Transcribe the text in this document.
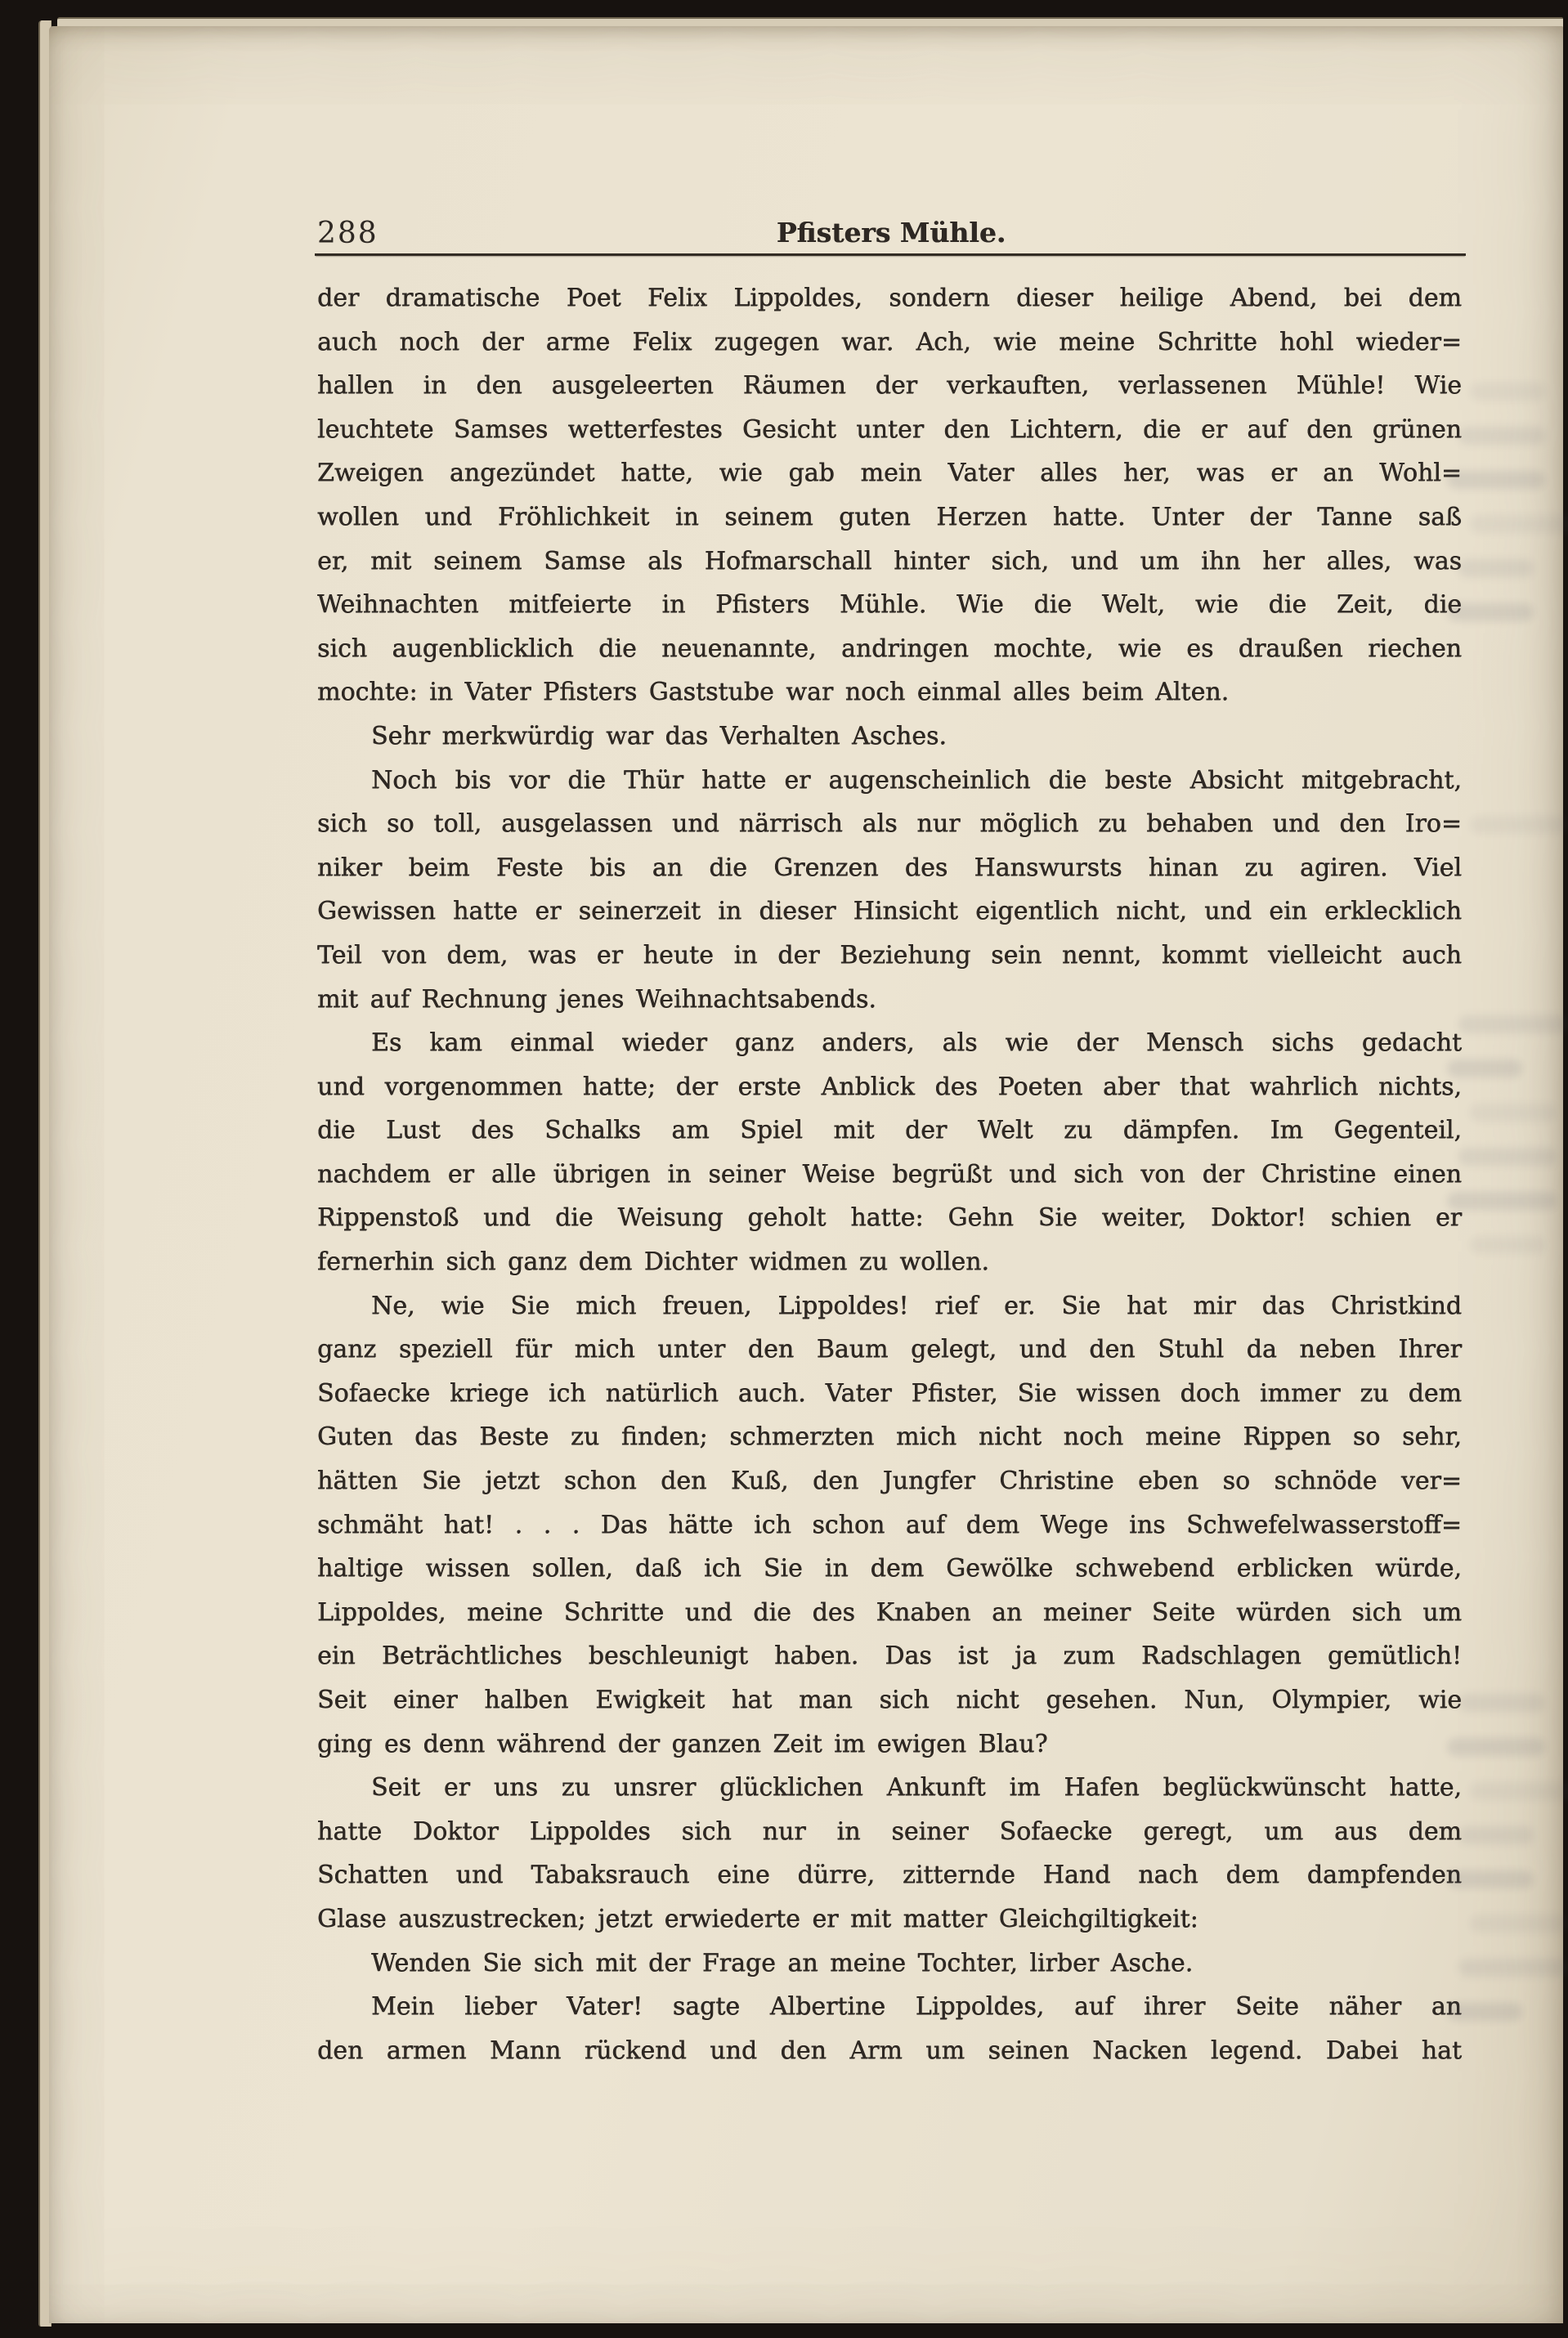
288	Pfisters Mühle.
der dramatische Poet Felix Lippoldes, sondern dieser heilige Abend, bei dem
auch noch der arme Felix zugegen war. Ach, wie meine Schritte hohl wieder=
hallen in den ausgeleerten Räumen der verkauften, verlassenen Mühle! Wie
leuchtete Samses wetterfestes Gesicht unter den Lichtern, die er auf den grünen
Zweigen angezündet hatte, wie gab mein Vater alles her, was er an Wohl=
wollen und Fröhlichkeit in seinem guten Herzen hatte. Unter der Tanne saß
er, mit seinem Samse als Hofmarschall hinter sich, und um ihn her alles, was
Weihnachten mitfeierte in Pfisters Mühle. Wie die Welt, wie die Zeit, die
sich augenblicklich die neuenannte, andringen mochte, wie es draußen riechen
mochte: in Vater Pfisters Gaststube war noch einmal alles beim Alten.
Sehr merkwürdig war das Verhalten Asches.
Noch bis vor die Thür hatte er augenscheinlich die beste Absicht mitgebracht,
sich so toll, ausgelassen und närrisch als nur möglich zu behaben und den Iro=
niker beim Feste bis an die Grenzen des Hanswursts hinan zu agiren. Viel
Gewissen hatte er seinerzeit in dieser Hinsicht eigentlich nicht, und ein erklecklich
Teil von dem, was er heute in der Beziehung sein nennt, kommt vielleicht auch
mit auf Rechnung jenes Weihnachtsabends.
Es kam einmal wieder ganz anders, als wie der Mensch sichs gedacht
und vorgenommen hatte; der erste Anblick des Poeten aber that wahrlich nichts,
die Lust des Schalks am Spiel mit der Welt zu dämpfen. Im Gegenteil,
nachdem er alle übrigen in seiner Weise begrüßt und sich von der Christine einen
Rippenstoß und die Weisung geholt hatte: Gehn Sie weiter, Doktor! schien er
fernerhin sich ganz dem Dichter widmen zu wollen.
Ne, wie Sie mich freuen, Lippoldes! rief er. Sie hat mir das Christkind
ganz speziell für mich unter den Baum gelegt, und den Stuhl da neben Ihrer
Sofaecke kriege ich natürlich auch. Vater Pfister, Sie wissen doch immer zu dem
Guten das Beste zu finden; schmerzten mich nicht noch meine Rippen so sehr,
hätten Sie jetzt schon den Kuß, den Jungfer Christine eben so schnöde ver=
schmäht hat! . . . Das hätte ich schon auf dem Wege ins Schwefelwasserstoff=
haltige wissen sollen, daß ich Sie in dem Gewölke schwebend erblicken würde,
Lippoldes, meine Schritte und die des Knaben an meiner Seite würden sich um
ein Beträchtliches beschleunigt haben. Das ist ja zum Radschlagen gemütlich!
Seit einer halben Ewigkeit hat man sich nicht gesehen. Nun, Olympier, wie
ging es denn während der ganzen Zeit im ewigen Blau?
Seit er uns zu unsrer glücklichen Ankunft im Hafen beglückwünscht hatte,
hatte Doktor Lippoldes sich nur in seiner Sofaecke geregt, um aus dem
Schatten und Tabaksrauch eine dürre, zitternde Hand nach dem dampfenden
Glase auszustrecken; jetzt erwiederte er mit matter Gleichgiltigkeit:
Wenden Sie sich mit der Frage an meine Tochter, lirber Asche.
Mein lieber Vater! sagte Albertine Lippoldes, auf ihrer Seite näher an
den armen Mann rückend und den Arm um seinen Nacken legend. Dabei hat
